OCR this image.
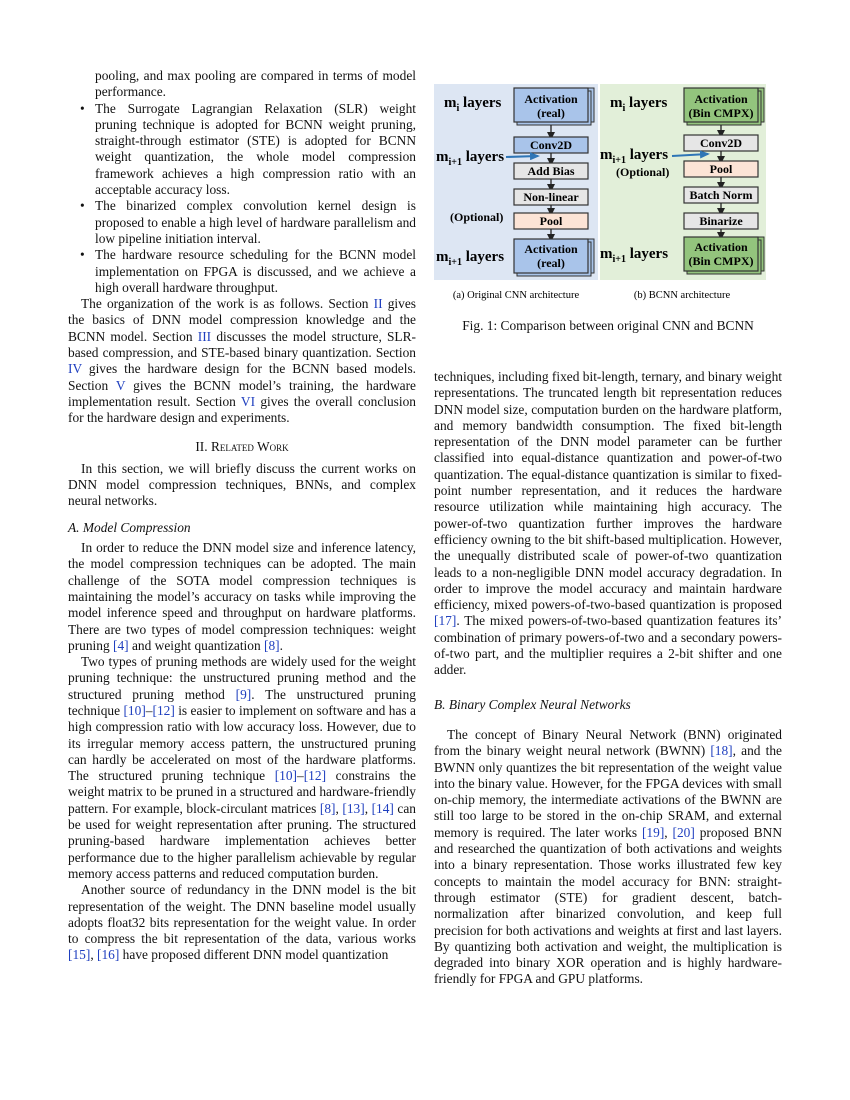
pooling, and max pooling are compared in terms of model performance.

• The Surrogate Lagrangian Relaxation (SLR) weight pruning technique is adopted for BCNN weight pruning, straight-through estimator (STE) is adopted for BCNN weight quantization, the whole model compression framework achieves a high compression ratio with an acceptable accuracy loss.
• The binarized complex convolution kernel design is proposed to enable a high level of hardware parallelism and low pipeline initiation interval.
• The hardware resource scheduling for the BCNN model implementation on FPGA is discussed, and we achieve a high overall hardware throughput.

The organization of the work is as follows. Section II gives the basics of DNN model compression knowledge and the BCNN model. Section III discusses the model structure, SLR-based compression, and STE-based binary quantization. Section IV gives the hardware design for the BCNN based models. Section V gives the BCNN model’s training, the hardware implementation result. Section VI gives the overall conclusion for the hardware design and experiments.

II. Related Work

In this section, we will briefly discuss the current works on DNN model compression techniques, BNNs, and complex neural networks.

A. Model Compression

In order to reduce the DNN model size and inference latency, the model compression techniques can be adopted. The main challenge of the SOTA model compression techniques is maintaining the model’s accuracy on tasks while improving the model inference speed and throughput on hardware platforms. There are two types of model compression techniques: weight pruning [4] and weight quantization [8].

Two types of pruning methods are widely used for the weight pruning technique: the unstructured pruning method and the structured pruning method [9]. The unstructured pruning technique [10]–[12] is easier to implement on software and has a high compression ratio with low accuracy loss. However, due to its irregular memory access pattern, the unstructured pruning can hardly be accelerated on most of the hardware platforms. The structured pruning technique [10]–[12] constrains the weight matrix to be pruned in a structured and hardware-friendly pattern. For example, block-circulant matrices [8], [13], [14] can be used for weight representation after pruning. The structured pruning-based hardware implementation achieves better performance due to the higher parallelism achievable by regular memory access patterns and reduced computation burden.

Another source of redundancy in the DNN model is the bit representation of the weight. The DNN baseline model usually adopts float32 bits representation for the weight value. In order to compress the bit representation of the data, various works [15], [16] have proposed different DNN model quantization

$m_i$ layers
$m_{i+1}$ layers
(Optional)
$m_{i+1}$ layers
Activation
(real)
Conv2D
Add Bias
Non-linear
Pool
Activation
(real)
$m_i$ layers
$m_{i+1}$ layers
(Optional)
$m_{i+1}$ layers
Activation
(Bin CMPX)
Conv2D
Pool
Batch Norm
Binarize
Activation
(Bin CMPX)
(a) Original CNN architecture	(b) BCNN architecture
Fig. 1: Comparison between original CNN and BCNN

techniques, including fixed bit-length, ternary, and binary weight representations. The truncated length bit representation reduces DNN model size, computation burden on the hardware platform, and memory bandwidth consumption. The fixed bit-length representation of the DNN model parameter can be further classified into equal-distance quantization and power-of-two quantization. The equal-distance quantization is similar to fixed-point number representation, and it reduces the hardware resource utilization while maintaining high accuracy. The power-of-two quantization further improves the hardware efficiency owning to the bit shift-based multiplication. However, the unequally distributed scale of power-of-two quantization leads to a non-negligible DNN model accuracy degradation. In order to improve the model accuracy and maintain hardware efficiency, mixed powers-of-two-based quantization is proposed [17]. The mixed powers-of-two-based quantization features its’ combination of primary powers-of-two and a secondary powers-of-two part, and the multiplier requires a 2-bit shifter and one adder.

B. Binary Complex Neural Networks

The concept of Binary Neural Network (BNN) originated from the binary weight neural network (BWNN) [18], and the BWNN only quantizes the bit representation of the weight value into the binary value. However, for the FPGA devices with small on-chip memory, the intermediate activations of the BWNN are still too large to be stored in the on-chip SRAM, and external memory is required. The later works [19], [20] proposed BNN and researched the quantization of both activations and weights into a binary representation. Those works illustrated few key concepts to maintain the model accuracy for BNN: straight-through estimator (STE) for gradient descent, batch-normalization after binarized convolution, and keep full precision for both activations and weights at first and last layers. By quantizing both activation and weight, the multiplication is degraded into binary XOR operation and is highly hardware-friendly for FPGA and GPU platforms.
